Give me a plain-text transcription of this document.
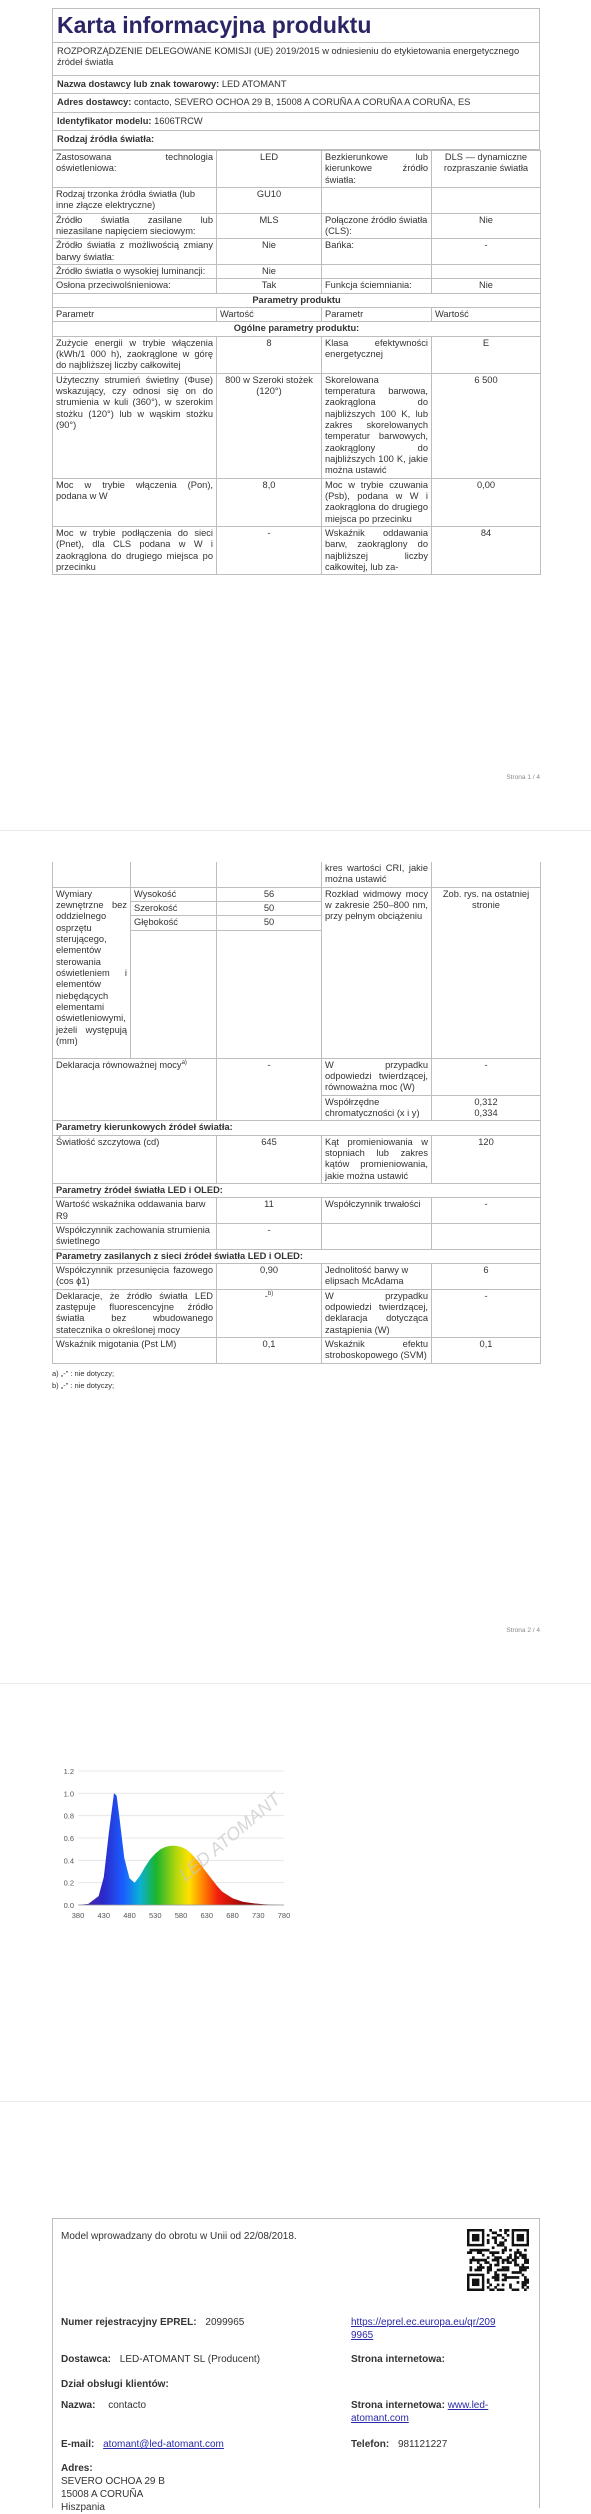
Karta informacyjna produktu
ROZPORZĄDZENIE DELEGOWANE KOMISJI (UE) 2019/2015 w odniesieniu do etykietowania energetycznego źródeł światła
Nazwa dostawcy lub znak towarowy: LED ATOMANT
Adres dostawcy: contacto, SEVERO OCHOA 29 B, 15008 A CORUÑA A CORUÑA A CORUÑA, ES
Identyfikator modelu: 1606TRCW
Rodzaj źródła światła:
Zastosowana technologia oświetleniowa:	LED	Bezkierunkowe lub kierunkowe źródło światła:	DLS — dynamiczne rozpraszanie światła
Rodzaj trzonka źródła światła (lub inne złącze elektryczne)	GU10		
Źródło światła zasilane lub niezasilane napięciem sieciowym:	MLS	Połączone źródło światła (CLS):	Nie
Źródło światła z możliwością zmiany barwy światła:	Nie	Bańka:	-
Źródło światła o wysokiej luminancji:	Nie		
Osłona przeciwolśnieniowa:	Tak	Funkcja ściemniania:	Nie
Parametry produktu			
Parametr	Wartość	Parametr	Wartość
Ogólne parametry produktu:			
Zużycie energii w trybie włączenia (kWh/1 000 h), zaokrąglone w górę do najbliższej liczby całkowitej	8	Klasa efektywności energetycznej	E
Użyteczny strumień świetlny (Φuse) wskazujący, czy odnosi się on do strumienia w kuli (360°), w szerokim stożku (120°) lub w wąskim stożku (90°)	800 w Szeroki stożek (120°)	Skorelowana temperatura barwowa, zaokrąglona do najbliższych 100 K, lub zakres skorelowanych temperatur barwowych, zaokrąglony do najbliższych 100 K, jakie można ustawić	6 500
Moc w trybie włączenia (Pon), podana w W	8,0	Moc w trybie czuwania (Psb), podana w W i zaokrąglona do drugiego miejsca po przecinku	0,00
Moc w trybie podłączenia do sieci (Pnet), dla CLS podana w W i zaokrąglona do drugiego miejsca po przecinku	-	Wskaźnik oddawania barw, zaokrąglony do najbliższej liczby całkowitej, lub za-	84
Strona 1 / 4
			kres wartości CRI, jakie można ustawić	
Wymiary zewnętrzne bez oddzielnego osprzętu sterującego, elementów sterowania oświetleniem i elementów niebędących elementami oświetleniowymi, jeżeli występują (mm)	Wysokość	56	Rozkład widmowy mocy w zakresie 250–800 nm, przy pełnym obciążeniu	Zob. rys. na ostatniej stronie
	Szerokość	50		
	Głębokość	50		

Deklaracja równoważnej mocy$^{a)}$		-	W przypadku odpowiedzi twierdzącej, równoważna moc (W)	-
			Współrzędne chromatyczności (x i y)	0,312
0,334

Parametry kierunkowych źródeł światła:				
Światłość szczytowa (cd)		645	Kąt promieniowania w stopniach lub zakres kątów promieniowania, jakie można ustawić	120
Parametry źródeł światła LED i OLED:				
Wartość wskaźnika oddawania barw R9		11	Współczynnik trwałości	-
Współczynnik zachowania strumienia świetlnego		-		
Parametry zasilanych z sieci źródeł światła LED i OLED:				
Współczynnik przesunięcia fazowego (cos ϕ1)		0,90	Jednolitość barwy w elipsach McAdama	6
Deklaracje, że źródło światła LED zastępuje fluorescencyjne źródło światła bez wbudowanego statecznika o określonej mocy		-$^{b)}$	W przypadku odpowiedzi twierdzącej, deklaracja dotycząca zastąpienia (W)	-
Wskaźnik migotania (Pst LM)		0,1	Wskaźnik efektu stroboskopowego (SVM)	0,1
a) „-” : nie dotyczy;
b) „-” : nie dotyczy;
Strona 2 / 4
LED ATOMANT
0.0
0.2
0.4
0.6
0.8
1.0
1.2
380 430 480 530 580 630 680 730 780
Model wprowadzany do obrotu w Unii od 22/08/2018.
Numer rejestracyjny EPREL: 2099965	https://eprel.ec.europa.eu/qr/2099965
Dostawca: LED-ATOMANT SL (Producent)	Strona internetowa:
Dział obsługi klientów:
Nazwa: contacto	Strona internetowa: www.led-atomant.com
E-mail: atomant@led-atomant.com	Telefon: 981121227
Adres:
SEVERO OCHOA 29 B
15008 A CORUÑA
Hiszpania
